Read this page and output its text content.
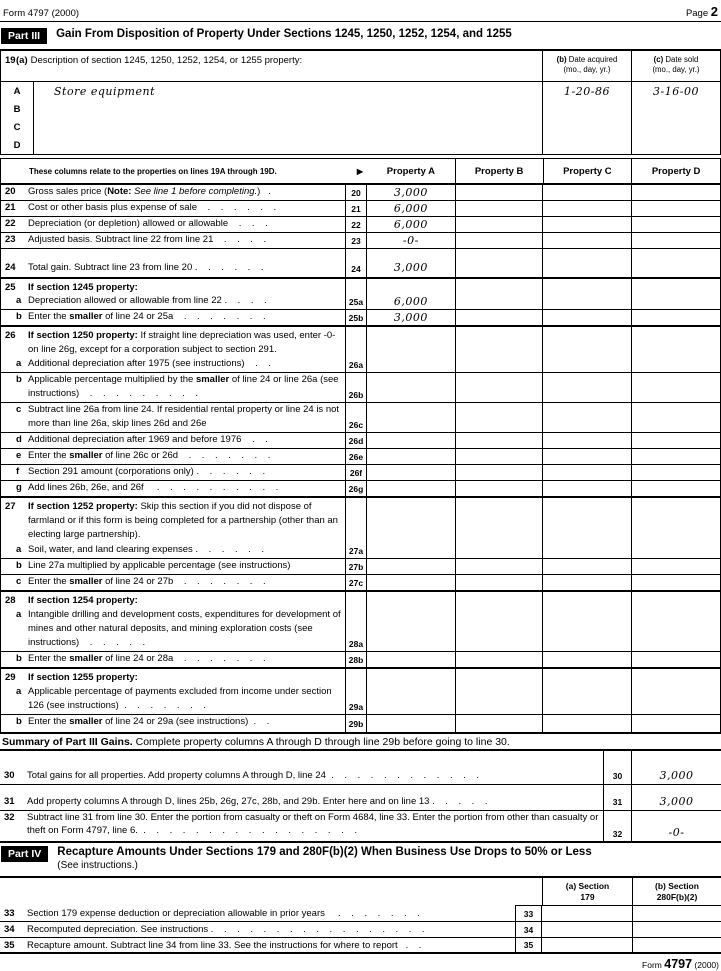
Form 4797 (2000)	Page 2
Part III	Gain From Disposition of Property Under Sections 1245, 1250, 1252, 1254, and 1255
19 (a) Description of section 1245, 1250, 1252, 1254, or 1255 property:	(b) Date acquired
(mo., day, yr.)
(c) Date sold
(mo., day, yr.)
A	Store equipment	1-20-86	3-16-00
B
C
D
These columns relate to the properties on lines 19A through 19D.	▶	Property A	Property B	Property C	Property D
20 Gross sales price (Note: See line 1 before completing.)   .	20	3,000
21 Cost or other basis plus expense of sale    .    .    .    .    .    .	21	6,000
22 Depreciation (or depletion) allowed or allowable    .    .    .	22	6,000
23 Adjusted basis. Subtract line 22 from line 21    .    .    .    .	23	-0-
24 Total gain. Subtract line 23 from line 20 .    .    .    .    .    .	24	3,000
25 If section 1245 property:
a Depreciation allowed or allowable from line 22 .    .    .    .	25a	6,000
b Enter the smaller of line 24 or 25a    .    .    .    .    .    .    .	25b	3,000
26 If section 1250 property: If straight line depreciation was used, enter -0- on line 26g, except for a corporation subject to section 291.
a Additional depreciation after 1975 (see instructions)    .    .	26a
b Applicable percentage multiplied by the smaller of line 24 or line 26a (see instructions)    .    .    .    .    .    .    .    .    .	26b
c Subtract line 26a from line 24. If residential rental property or line 24 is not more than line 26a, skip lines 26d and 26e	26c
d Additional depreciation after 1969 and before 1976    .    .	26d
e Enter the smaller of line 26c or 26d    .    .    .    .    .    .    .	26e
f Section 291 amount (corporations only) .    .    .    .    .    .	26f
g Add lines 26b, 26e, and 26f     .    .    .    .    .    .    .    .    .    .	26g
27 If section 1252 property: Skip this section if you did not dispose of farmland or if this form is being completed for a partnership (other than an electing large partnership).
a Soil, water, and land clearing expenses .    .    .    .    .    .	27a
b Line 27a multiplied by applicable percentage (see instructions)	27b
c Enter the smaller of line 24 or 27b    .    .    .    .    .    .    .	27c
28 If section 1254 property:
a Intangible drilling and development costs, expenditures for development of mines and other natural deposits, and mining exploration costs (see instructions)    .    .    .    .    .	28a
b Enter the smaller of line 24 or 28a    .    .    .    .    .    .    .	28b
29 If section 1255 property:
a Applicable percentage of payments excluded from income under section 126 (see instructions)  .    .    .    .    .    .    .	29a
b Enter the smaller of line 24 or 29a (see instructions)  .    .	29b
Summary of Part III Gains. Complete property columns A through D through line 29b before going to line 30.
30 Total gains for all properties. Add property columns A through D, line 24  .    .    .    .    .    .    .    .    .    .    .    .	30	3,000
31 Add property columns A through D, lines 25b, 26g, 27c, 28b, and 29b. Enter here and on line 13 .    .    .    .    .	31	3,000
32 Subtract line 31 from line 30. Enter the portion from casualty or theft on Form 4684, line 33. Enter the portion from other than casualty or theft on Form 4797, line 6.  .    .    .    .    .    .    .    .    .    .    .    .    .    .    .    .    .	32	-0-
Part IV	Recapture Amounts Under Sections 179 and 280F(b)(2) When Business Use Drops to 50% or Less
(See instructions.)
(a) Section
179
(b) Section
280F(b)(2)
33 Section 179 expense deduction or depreciation allowable in prior years     .    .    .    .    .    .    .	33
34 Recomputed depreciation. See instructions .    .    .    .    .    .    .    .    .    .    .    .    .    .    .    .    .	34
35 Recapture amount. Subtract line 34 from line 33. See the instructions for where to report   .    .	35
Form 4797 (2000)
